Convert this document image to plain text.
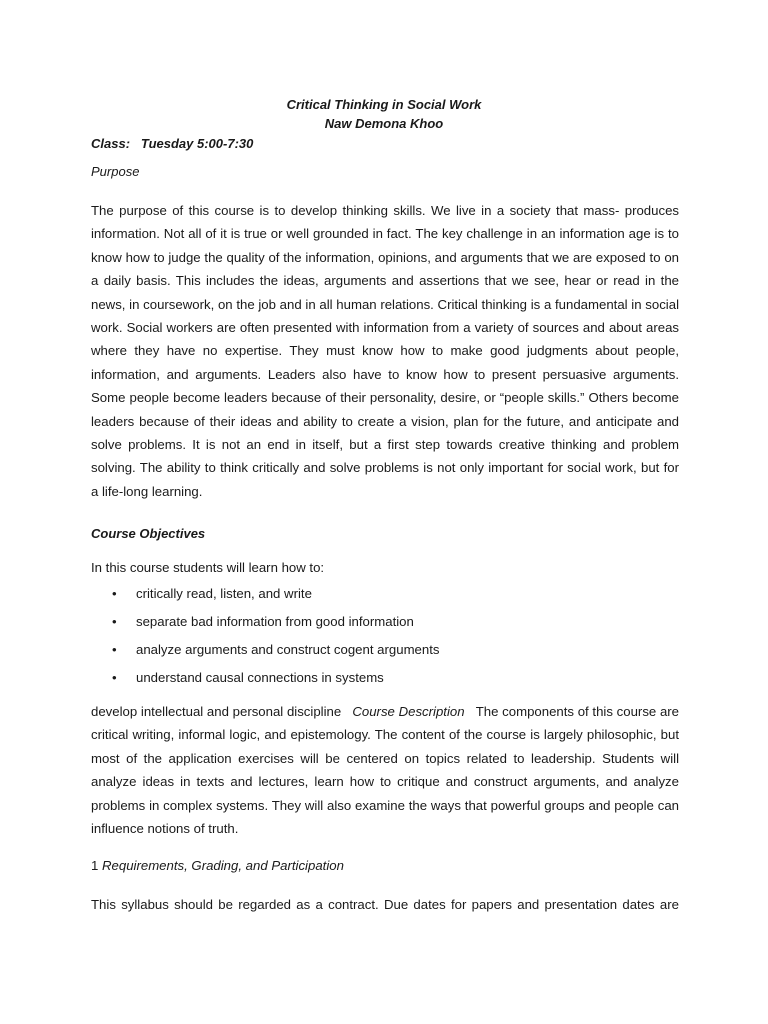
Critical Thinking in Social Work
Naw Demona Khoo
Class: Tuesday 5:00-7:30
Purpose

The purpose of this course is to develop thinking skills. We live in a society that mass- produces information. Not all of it is true or well grounded in fact. The key challenge in an information age is to know how to judge the quality of the information, opinions, and arguments that we are exposed to on a daily basis. This includes the ideas, arguments and assertions that we see, hear or read in the news, in coursework, on the job and in all human relations. Critical thinking is a fundamental in social work. Social workers are often presented with information from a variety of sources and about areas where they have no expertise. They must know how to make good judgments about people, information, and arguments. Leaders also have to know how to present persuasive arguments. Some people become leaders because of their personality, desire, or “people skills.” Others become leaders because of their ideas and ability to create a vision, plan for the future, and anticipate and solve problems. It is not an end in itself, but a first step towards creative thinking and problem solving. The ability to think critically and solve problems is not only important for social work, but for a life-long learning.

Course Objectives
In this course students will learn how to:
• critically read, listen, and write
• separate bad information from good information
• analyze arguments and construct cogent arguments
• understand causal connections in systems

develop intellectual and personal discipline Course Description The components of this course are critical writing, informal logic, and epistemology. The content of the course is largely philosophic, but most of the application exercises will be centered on topics related to leadership. Students will analyze ideas in texts and lectures, learn how to critique and construct arguments, and analyze problems in complex systems. They will also examine the ways that powerful groups and people can influence notions of truth.

1 Requirements, Grading, and Participation
This syllabus should be regarded as a contract. Due dates for papers and presentation dates are
